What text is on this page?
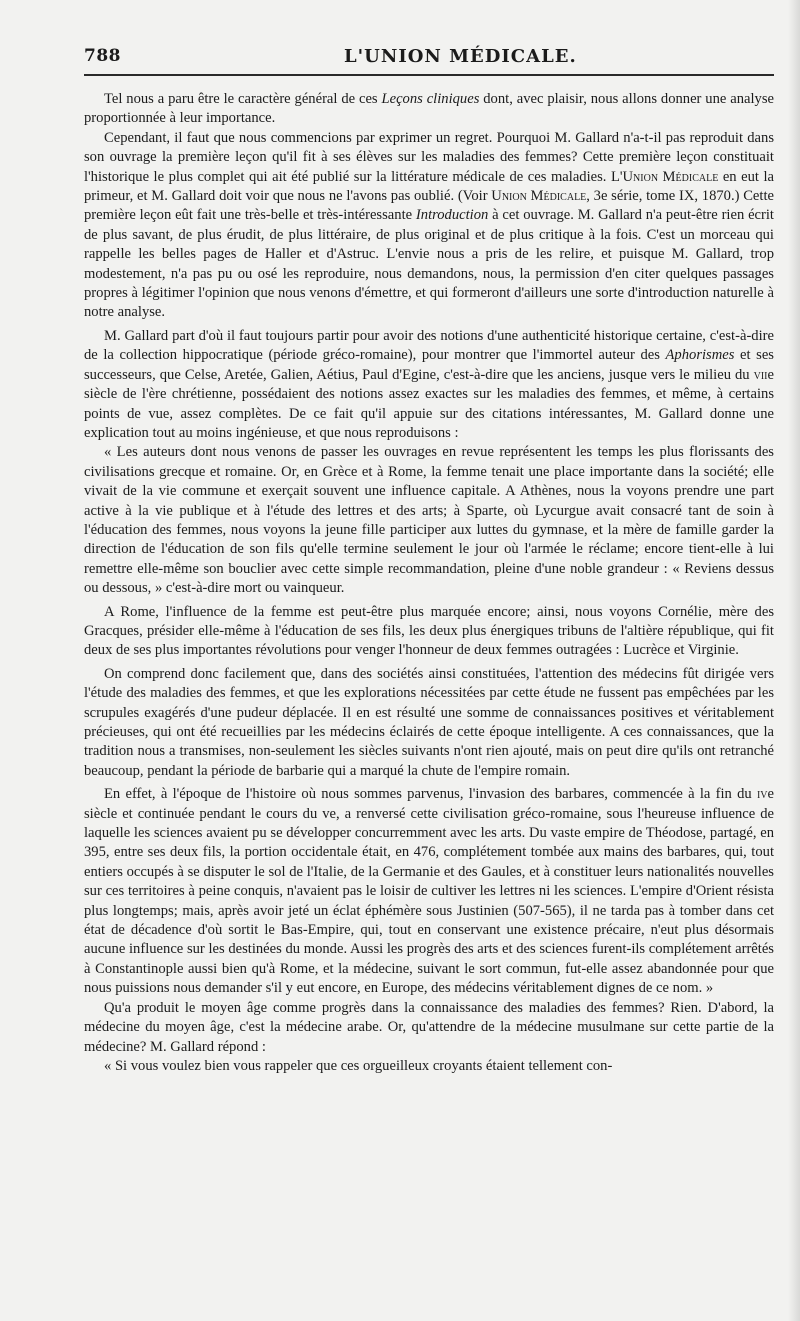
788	L'UNION MÉDICALE.

Tel nous a paru être le caractère général de ces Leçons cliniques dont, avec plaisir, nous allons donner une analyse proportionnée à leur importance.

Cependant, il faut que nous commencions par exprimer un regret. Pourquoi M. Gallard n'a-t-il pas reproduit dans son ouvrage la première leçon qu'il fit à ses élèves sur les maladies des femmes? Cette première leçon constituait l'historique le plus complet qui ait été publié sur la littérature médicale de ces maladies. L'Union Médicale en eut la primeur, et M. Gallard doit voir que nous ne l'avons pas oublié. (Voir Union Médicale, 3e série, tome IX, 1870.) Cette première leçon eût fait une très-belle et très-intéressante Introduction à cet ouvrage. M. Gallard n'a peut-être rien écrit de plus savant, de plus érudit, de plus littéraire, de plus original et de plus critique à la fois. C'est un morceau qui rappelle les belles pages de Haller et d'Astruc. L'envie nous a pris de les relire, et puisque M. Gallard, trop modestement, n'a pas pu ou osé les reproduire, nous demandons, nous, la permission d'en citer quelques passages propres à légitimer l'opinion que nous venons d'émettre, et qui formeront d'ailleurs une sorte d'introduction naturelle à notre analyse.

M. Gallard part d'où il faut toujours partir pour avoir des notions d'une authenticité historique certaine, c'est-à-dire de la collection hippocratique (période gréco-romaine), pour montrer que l'immortel auteur des Aphorismes et ses successeurs, que Celse, Aretée, Galien, Aétius, Paul d'Egine, c'est-à-dire que les anciens, jusque vers le milieu du viie siècle de l'ère chrétienne, possédaient des notions assez exactes sur les maladies des femmes, et même, à certains points de vue, assez complètes. De ce fait qu'il appuie sur des citations intéressantes, M. Gallard donne une explication tout au moins ingénieuse, et que nous reproduisons :

« Les auteurs dont nous venons de passer les ouvrages en revue représentent les temps les plus florissants des civilisations grecque et romaine. Or, en Grèce et à Rome, la femme tenait une place importante dans la société; elle vivait de la vie commune et exerçait souvent une influence capitale. A Athènes, nous la voyons prendre une part active à la vie publique et à l'étude des lettres et des arts; à Sparte, où Lycurgue avait consacré tant de soin à l'éducation des femmes, nous voyons la jeune fille participer aux luttes du gymnase, et la mère de famille garder la direction de l'éducation de son fils qu'elle termine seulement le jour où l'armée le réclame; encore tient-elle à lui remettre elle-même son bouclier avec cette simple recommandation, pleine d'une noble grandeur : « Reviens dessus ou dessous, » c'est-à-dire mort ou vainqueur.

A Rome, l'influence de la femme est peut-être plus marquée encore; ainsi, nous voyons Cornélie, mère des Gracques, présider elle-même à l'éducation de ses fils, les deux plus énergiques tribuns de l'altière république, qui fit deux de ses plus importantes révolutions pour venger l'honneur de deux femmes outragées : Lucrèce et Virginie.

On comprend donc facilement que, dans des sociétés ainsi constituées, l'attention des médecins fût dirigée vers l'étude des maladies des femmes, et que les explorations nécessitées par cette étude ne fussent pas empêchées par les scrupules exagérés d'une pudeur déplacée. Il en est résulté une somme de connaissances positives et véritablement précieuses, qui ont été recueillies par les médecins éclairés de cette époque intelligente. A ces connaissances, que la tradition nous a transmises, non-seulement les siècles suivants n'ont rien ajouté, mais on peut dire qu'ils ont retranché beaucoup, pendant la période de barbarie qui a marqué la chute de l'empire romain.

En effet, à l'époque de l'histoire où nous sommes parvenus, l'invasion des barbares, commencée à la fin du ive siècle et continuée pendant le cours du ve, a renversé cette civilisation gréco-romaine, sous l'heureuse influence de laquelle les sciences avaient pu se développer concurremment avec les arts. Du vaste empire de Théodose, partagé, en 395, entre ses deux fils, la portion occidentale était, en 476, complétement tombée aux mains des barbares, qui, tout entiers occupés à se disputer le sol de l'Italie, de la Germanie et des Gaules, et à constituer leurs nationalités nouvelles sur ces territoires à peine conquis, n'avaient pas le loisir de cultiver les lettres ni les sciences. L'empire d'Orient résista plus longtemps; mais, après avoir jeté un éclat éphémère sous Justinien (507-565), il ne tarda pas à tomber dans cet état de décadence d'où sortit le Bas-Empire, qui, tout en conservant une existence précaire, n'eut plus désormais aucune influence sur les destinées du monde. Aussi les progrès des arts et des sciences furent-ils complétement arrêtés à Constantinople aussi bien qu'à Rome, et la médecine, suivant le sort commun, fut-elle assez abandonnée pour que nous puissions nous demander s'il y eut encore, en Europe, des médecins véritablement dignes de ce nom. »

Qu'a produit le moyen âge comme progrès dans la connaissance des maladies des femmes? Rien. D'abord, la médecine du moyen âge, c'est la médecine arabe. Or, qu'attendre de la médecine musulmane sur cette partie de la médecine? M. Gallard répond :

« Si vous voulez bien vous rappeler que ces orgueilleux croyants étaient tellement con-
